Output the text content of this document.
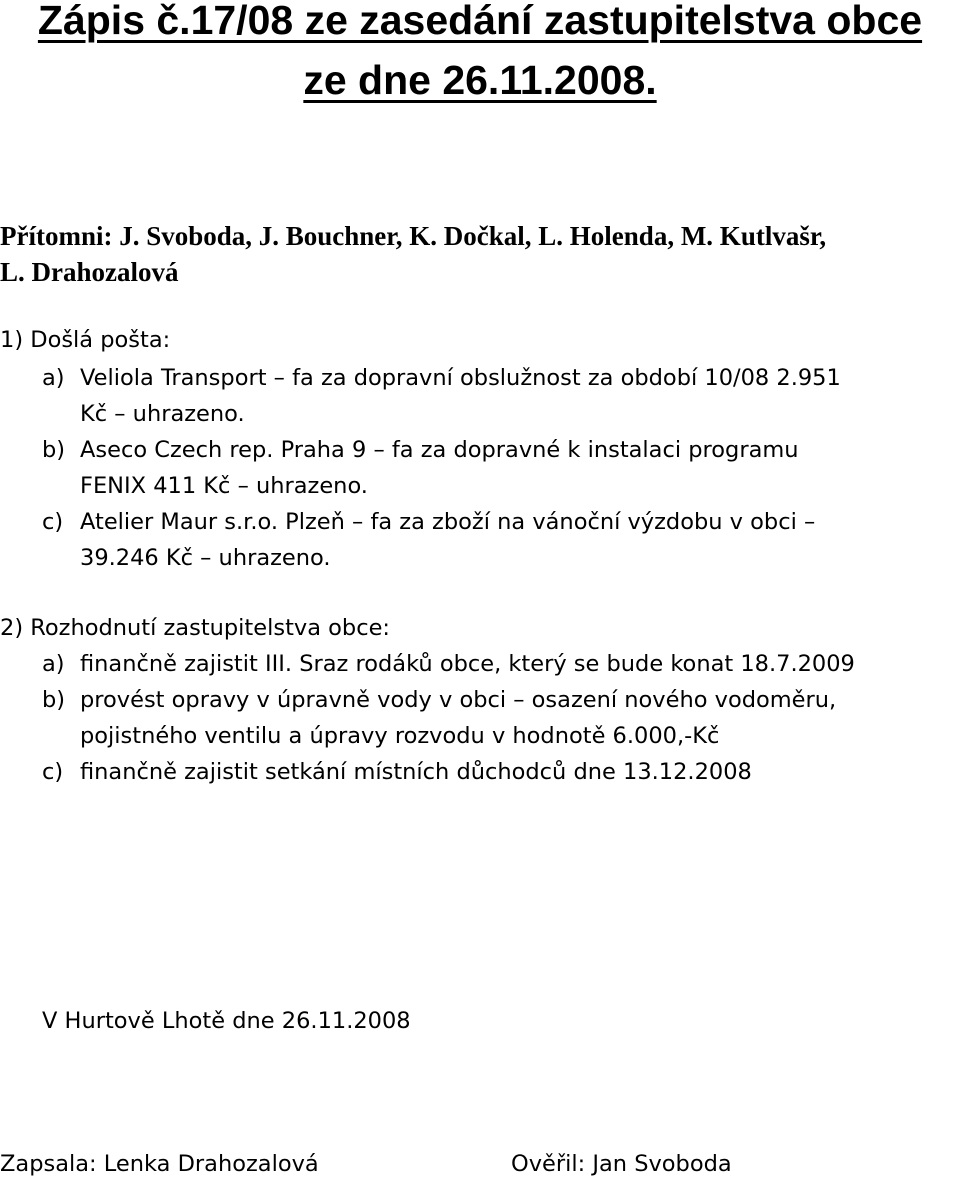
Zápis č.17/08 ze zasedání zastupitelstva obce
ze dne 26.11.2008.

Přítomni: J. Svoboda, J. Bouchner, K. Dočkal, L. Holenda, M. Kutlvašr,

L. Drahozalová

1) Došlá pošta:

a) Veliola Transport – fa za dopravní obslužnost za období 10/08 2.951

Kč – uhrazeno.

b) Aseco Czech rep. Praha 9 – fa za dopravné k instalaci programu

FENIX 411 Kč – uhrazeno.

c) Atelier Maur s.r.o. Plzeň – fa za zboží na vánoční výzdobu v obci –

39.246 Kč – uhrazeno.

2) Rozhodnutí zastupitelstva obce:

a) finančně zajistit III. Sraz rodáků obce, který se bude konat 18.7.2009

b) provést opravy v úpravně vody v obci – osazení nového vodoměru,

pojistného ventilu a úpravy rozvodu v hodnotě 6.000,-Kč

c) finančně zajistit setkání místních důchodců dne 13.12.2008

V Hurtově Lhotě dne 26.11.2008

Zapsala: Lenka Drahozalová	Ověřil: Jan Svoboda
